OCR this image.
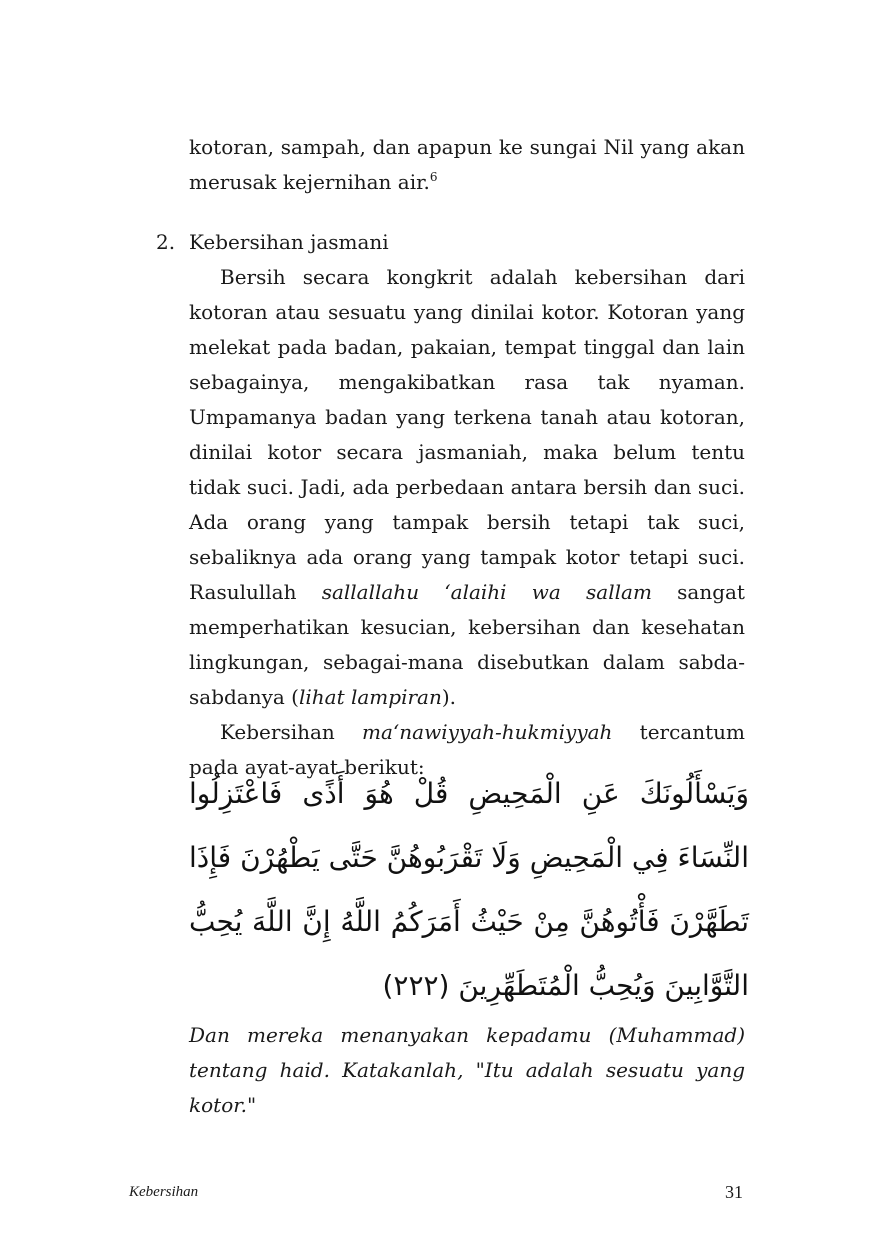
kotoran, sampah, dan apapun ke sungai Nil yang akan merusak kejernihan air.$^6$

2. Kebersihan jasmani

Bersih secara kongkrit adalah kebersihan dari kotoran atau sesuatu yang dinilai kotor. Kotoran yang melekat pada badan, pakaian, tempat tinggal dan lain sebagainya, mengakibatkan rasa tak nyaman. Umpamanya badan yang terkena tanah atau kotoran, dinilai kotor secara jasmaniah, maka belum tentu tidak suci. Jadi, ada perbedaan antara bersih dan suci. Ada orang yang tampak bersih tetapi tak suci, sebaliknya ada orang yang tampak kotor tetapi suci. Rasulullah sallallahu ‘alaihi wa sallam sangat memperhatikan kesucian, kebersihan dan kesehatan lingkungan, sebagai-mana disebutkan dalam sabda-sabdanya (lihat lampiran).

Kebersihan ma‘nawiyyah-hukmiyyah tercantum pada ayat-ayat berikut:

وَيَسْأَلُونَكَ عَنِ الْمَحِيضِ قُلْ هُوَ أَذًى فَاعْتَزِلُوا النِّسَاءَ فِي الْمَحِيضِ وَلَا تَقْرَبُوهُنَّ حَتَّى يَطْهُرْنَ فَإِذَا تَطَهَّرْنَ فَأْتُوهُنَّ مِنْ حَيْثُ أَمَرَكُمُ اللَّهُ إِنَّ اللَّهَ يُحِبُّ التَّوَّابِينَ وَيُحِبُّ الْمُتَطَهِّرِينَ (٢٢٢)

Dan mereka menanyakan kepadamu (Muhammad) tentang haid. Katakanlah, "Itu adalah sesuatu yang kotor."

Kebersihan	31
